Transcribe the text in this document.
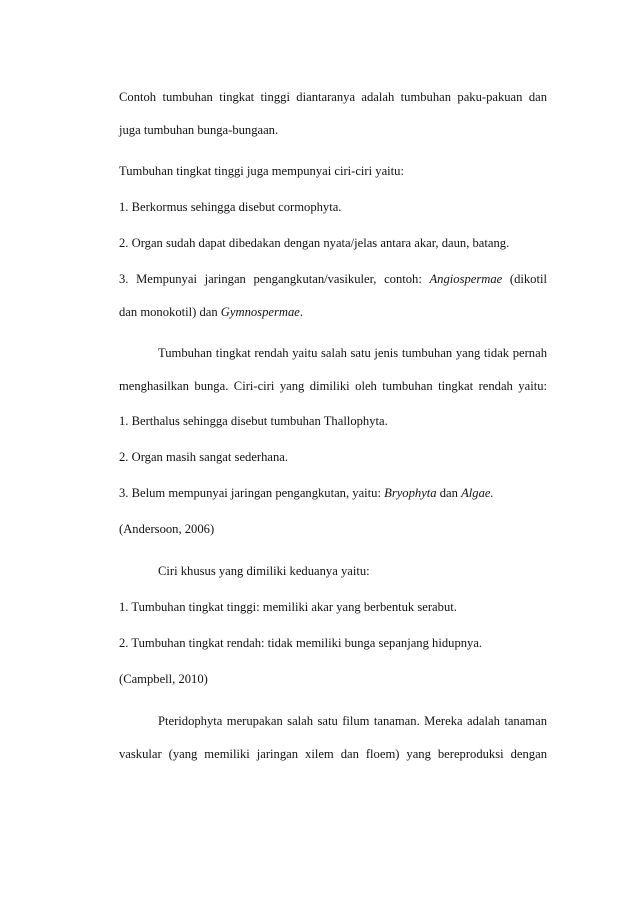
Contoh tumbuhan tingkat tinggi diantaranya adalah tumbuhan paku-pakuan dan
juga tumbuhan bunga-bungaan.
Tumbuhan tingkat tinggi juga mempunyai ciri-ciri yaitu:
1. Berkormus sehingga disebut cormophyta.
2. Organ sudah dapat dibedakan dengan nyata/jelas antara akar, daun, batang.
3. Mempunyai jaringan pengangkutan/vasikuler, contoh: Angiospermae (dikotil
dan monokotil) dan Gymnospermae.
Tumbuhan tingkat rendah yaitu salah satu jenis tumbuhan yang tidak pernah
menghasilkan bunga. Ciri-ciri yang dimiliki oleh tumbuhan tingkat rendah yaitu:
1. Berthalus sehingga disebut tumbuhan Thallophyta.
2. Organ masih sangat sederhana.
3. Belum mempunyai jaringan pengangkutan, yaitu: Bryophyta dan Algae.
(Andersoon, 2006)
Ciri khusus yang dimiliki keduanya yaitu:
1. Tumbuhan tingkat tinggi: memiliki akar yang berbentuk serabut.
2. Tumbuhan tingkat rendah: tidak memiliki bunga sepanjang hidupnya.
(Campbell, 2010)
Pteridophyta merupakan salah satu filum tanaman. Mereka adalah tanaman
vaskular (yang memiliki jaringan xilem dan floem) yang bereproduksi dengan
